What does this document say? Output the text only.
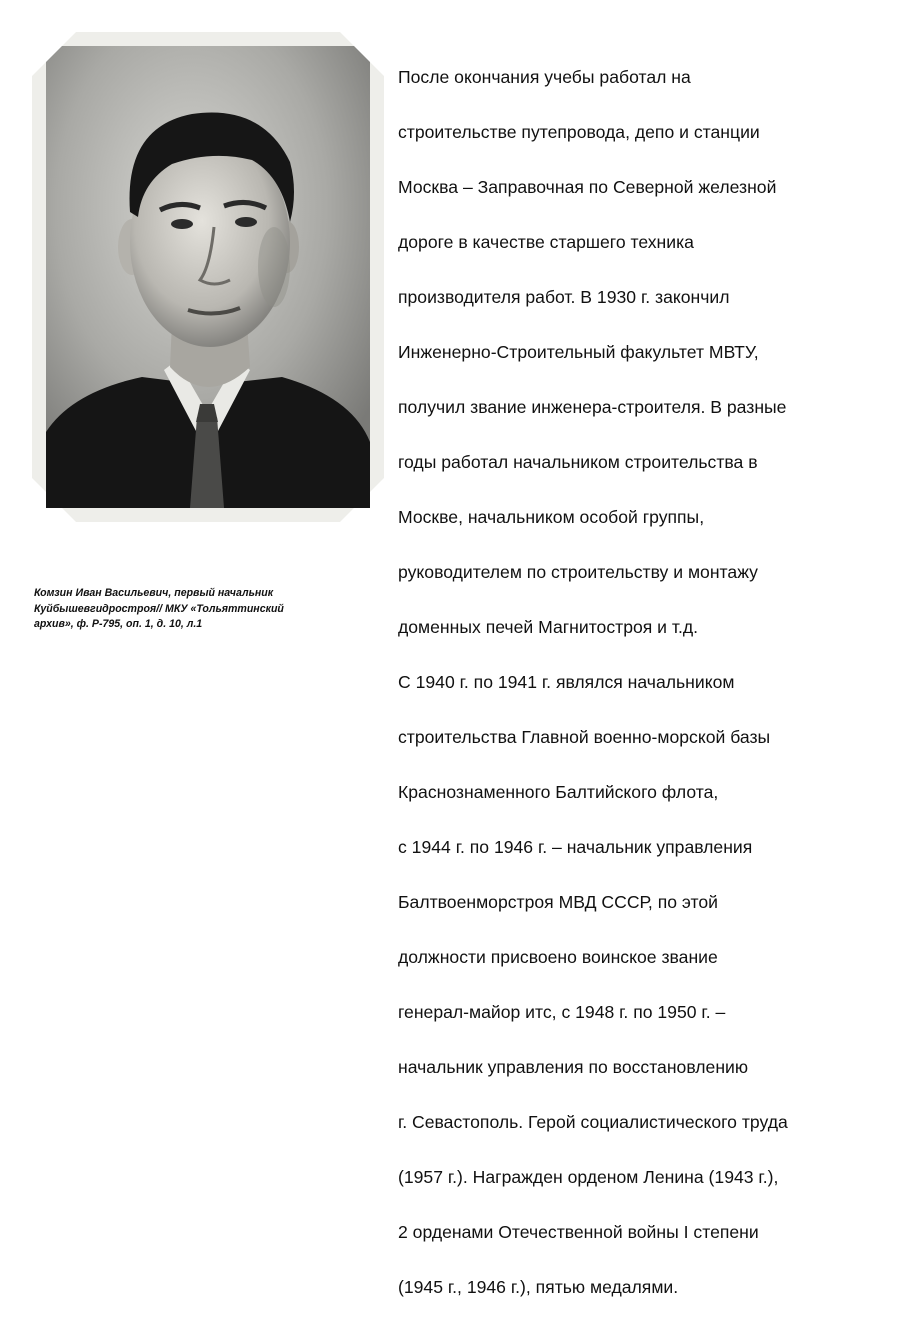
Комзин Иван Васильевич, первый начальник
Куйбышевгидростроя// МКУ «Тольяттинский
архив», ф. Р-795, оп. 1, д. 10, л.1

После окончания учебы работал на

строительстве путепровода, депо и станции

Москва – Заправочная по Северной железной

дороге в качестве старшего техника

производителя работ. В 1930 г. закончил

Инженерно-Строительный факультет МВТУ,

получил звание инженера-строителя. В разные

годы работал начальником строительства в

Москве, начальником особой группы,

руководителем по строительству и монтажу

доменных печей Магнитостроя и т.д.

С 1940 г. по 1941 г. являлся начальником

строительства Главной военно-морской базы

Краснознаменного Балтийского флота,

с 1944 г. по 1946 г. – начальник управления

Балтвоенморстроя МВД СССР, по этой

должности присвоено воинское звание

генерал-майор итс, с 1948 г. по 1950 г. –

начальник управления по восстановлению

г. Севастополь. Герой социалистического труда

(1957 г.). Награжден орденом Ленина (1943 г.),

2 орденами Отечественной войны I степени

(1945 г., 1946 г.), пятью медалями.
